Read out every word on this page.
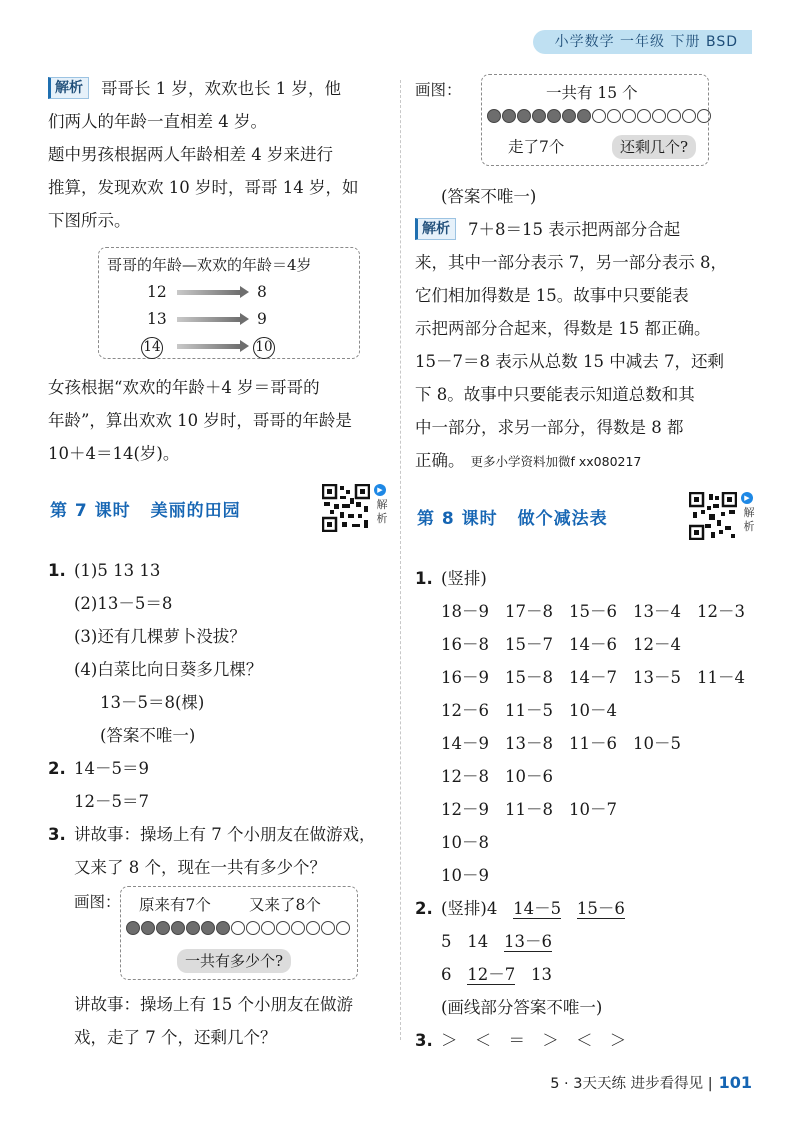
小学数学 一年级 下册 BSD
解析 哥哥长 1 岁，欢欢也长 1 岁，他
们两人的年龄一直相差 4 岁。
题中男孩根据两人年龄相差 4 岁来进行
推算，发现欢欢 10 岁时，哥哥 14 岁，如
下图所示。
哥哥的年龄—欢欢的年龄＝4岁
12	8
13	9
14	10
女孩根据“欢欢的年龄＋4 岁＝哥哥的
年龄”，算出欢欢 10 岁时，哥哥的年龄是
10＋4＝14(岁)。
第 7 课时 美丽的田园
▶
解析
1. (1)5 13 13
(2)13－5＝8
(3)还有几棵萝卜没拔？
(4)白菜比向日葵多几棵？
13－5＝8(棵)
(答案不唯一)
2. 14－5＝9
12－5＝7
3. 讲故事：操场上有 7 个小朋友在做游戏，
又来了 8 个，现在一共有多少个？
画图： 原来有7个 又来了8个
一共有多少个?
讲故事：操场上有 15 个小朋友在做游
戏，走了 7 个，还剩几个？
画图：	一共有 15 个
走了7个	还剩几个?
(答案不唯一)
解析 7＋8＝15 表示把两部分合起
来，其中一部分表示 7，另一部分表示 8，
它们相加得数是 15。故事中只要能表
示把两部分合起来，得数是 15 都正确。
15－7＝8 表示从总数 15 中减去 7，还剩
下 8。故事中只要能表示知道总数和其
中一部分，求另一部分，得数是 8 都
正确。 更多小学资料加微f xx080217
第 8 课时 做个减法表
▶
解析
1. (竖排)
18－9 17－8 15－6 13－4 12－3
16－8 15－7 14－6 12－4
16－9 15－8 14－7 13－5 11－4
12－6 11－5 10－4
14－9 13－8 11－6 10－5
12－8 10－6
12－9 11－8 10－7
10－8
10－9
2. (竖排)4 14－5 15－6
5 14 13－6
6 12－7 13
(画线部分答案不唯一)
3. ＞ ＜ ＝ ＞ ＜ ＞
5 · 3天天练 进步看得见 | 101
